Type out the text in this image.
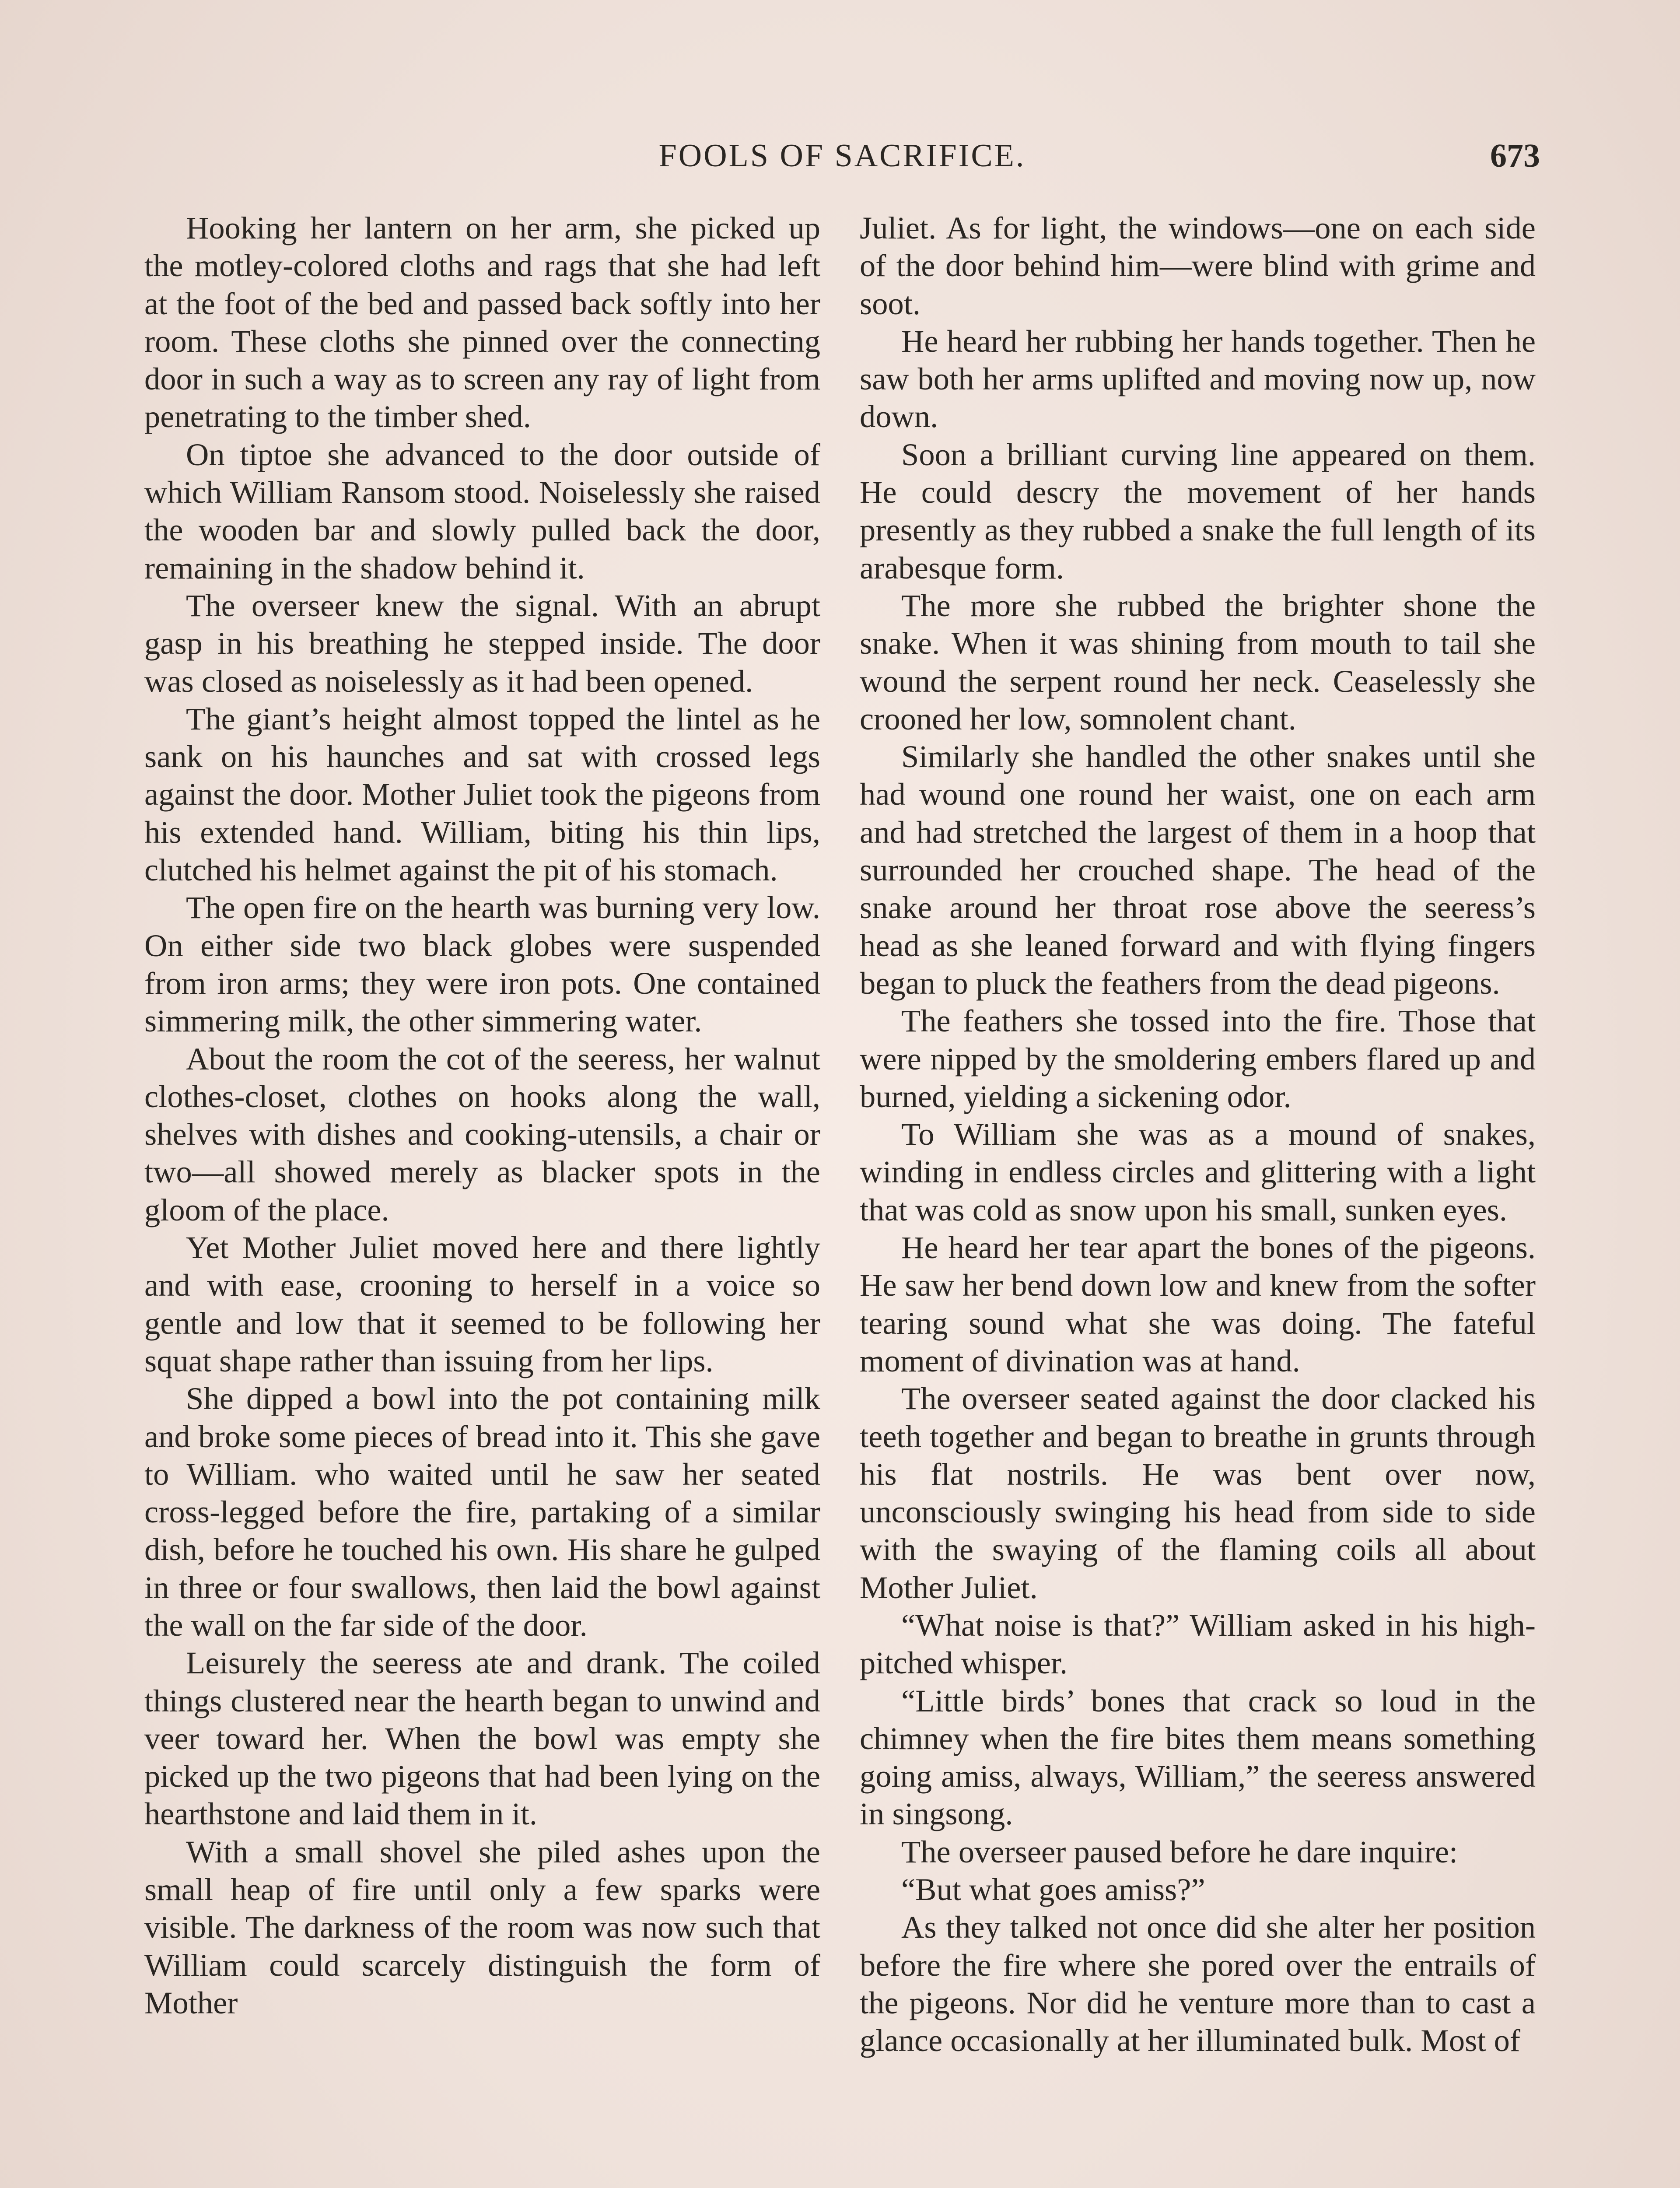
FOOLS OF SACRIFICE.	673

Hooking her lantern on her arm, she picked up the motley-colored cloths and rags that she had left at the foot of the bed and passed back softly into her room. These cloths she pinned over the connecting door in such a way as to screen any ray of light from penetrating to the timber shed.

On tiptoe she advanced to the door outside of which William Ransom stood. Noiselessly she raised the wooden bar and slowly pulled back the door, remaining in the shadow behind it.

The overseer knew the signal. With an abrupt gasp in his breathing he stepped inside. The door was closed as noiselessly as it had been opened.

The giant’s height almost topped the lintel as he sank on his haunches and sat with crossed legs against the door. Mother Juliet took the pigeons from his extended hand. William, biting his thin lips, clutched his helmet against the pit of his stomach.

The open fire on the hearth was burning very low. On either side two black globes were suspended from iron arms; they were iron pots. One contained simmering milk, the other simmering water.

About the room the cot of the seeress, her walnut clothes-closet, clothes on hooks along the wall, shelves with dishes and cooking-utensils, a chair or two—all showed merely as blacker spots in the gloom of the place.

Yet Mother Juliet moved here and there lightly and with ease, crooning to herself in a voice so gentle and low that it seemed to be following her squat shape rather than issuing from her lips.

She dipped a bowl into the pot containing milk and broke some pieces of bread into it. This she gave to William. who waited until he saw her seated cross-legged before the fire, partaking of a similar dish, before he touched his own. His share he gulped in three or four swallows, then laid the bowl against the wall on the far side of the door.

Leisurely the seeress ate and drank. The coiled things clustered near the hearth began to unwind and veer toward her. When the bowl was empty she picked up the two pigeons that had been lying on the hearthstone and laid them in it.

With a small shovel she piled ashes upon the small heap of fire until only a few sparks were visible. The darkness of the room was now such that William could scarcely distinguish the form of Mother

Juliet. As for light, the windows—one on each side of the door behind him—were blind with grime and soot.

He heard her rubbing her hands together. Then he saw both her arms uplifted and moving now up, now down.

Soon a brilliant curving line appeared on them. He could descry the movement of her hands presently as they rubbed a snake the full length of its arabesque form.

The more she rubbed the brighter shone the snake. When it was shining from mouth to tail she wound the serpent round her neck. Ceaselessly she crooned her low, somnolent chant.

Similarly she handled the other snakes until she had wound one round her waist, one on each arm and had stretched the largest of them in a hoop that surrounded her crouched shape. The head of the snake around her throat rose above the seeress’s head as she leaned forward and with flying fingers began to pluck the feathers from the dead pigeons.

The feathers she tossed into the fire. Those that were nipped by the smoldering embers flared up and burned, yielding a sickening odor.

To William she was as a mound of snakes, winding in endless circles and glittering with a light that was cold as snow upon his small, sunken eyes.

He heard her tear apart the bones of the pigeons. He saw her bend down low and knew from the softer tearing sound what she was doing. The fateful moment of divination was at hand.

The overseer seated against the door clacked his teeth together and began to breathe in grunts through his flat nostrils. He was bent over now, unconsciously swinging his head from side to side with the swaying of the flaming coils all about Mother Juliet.

“What noise is that?” William asked in his high-pitched whisper.

“Little birds’ bones that crack so loud in the chimney when the fire bites them means something going amiss, always, William,” the seeress answered in singsong.

The overseer paused before he dare inquire:

“But what goes amiss?”

As they talked not once did she alter her position before the fire where she pored over the entrails of the pigeons. Nor did he venture more than to cast a glance occasionally at her illuminated bulk. Most of
